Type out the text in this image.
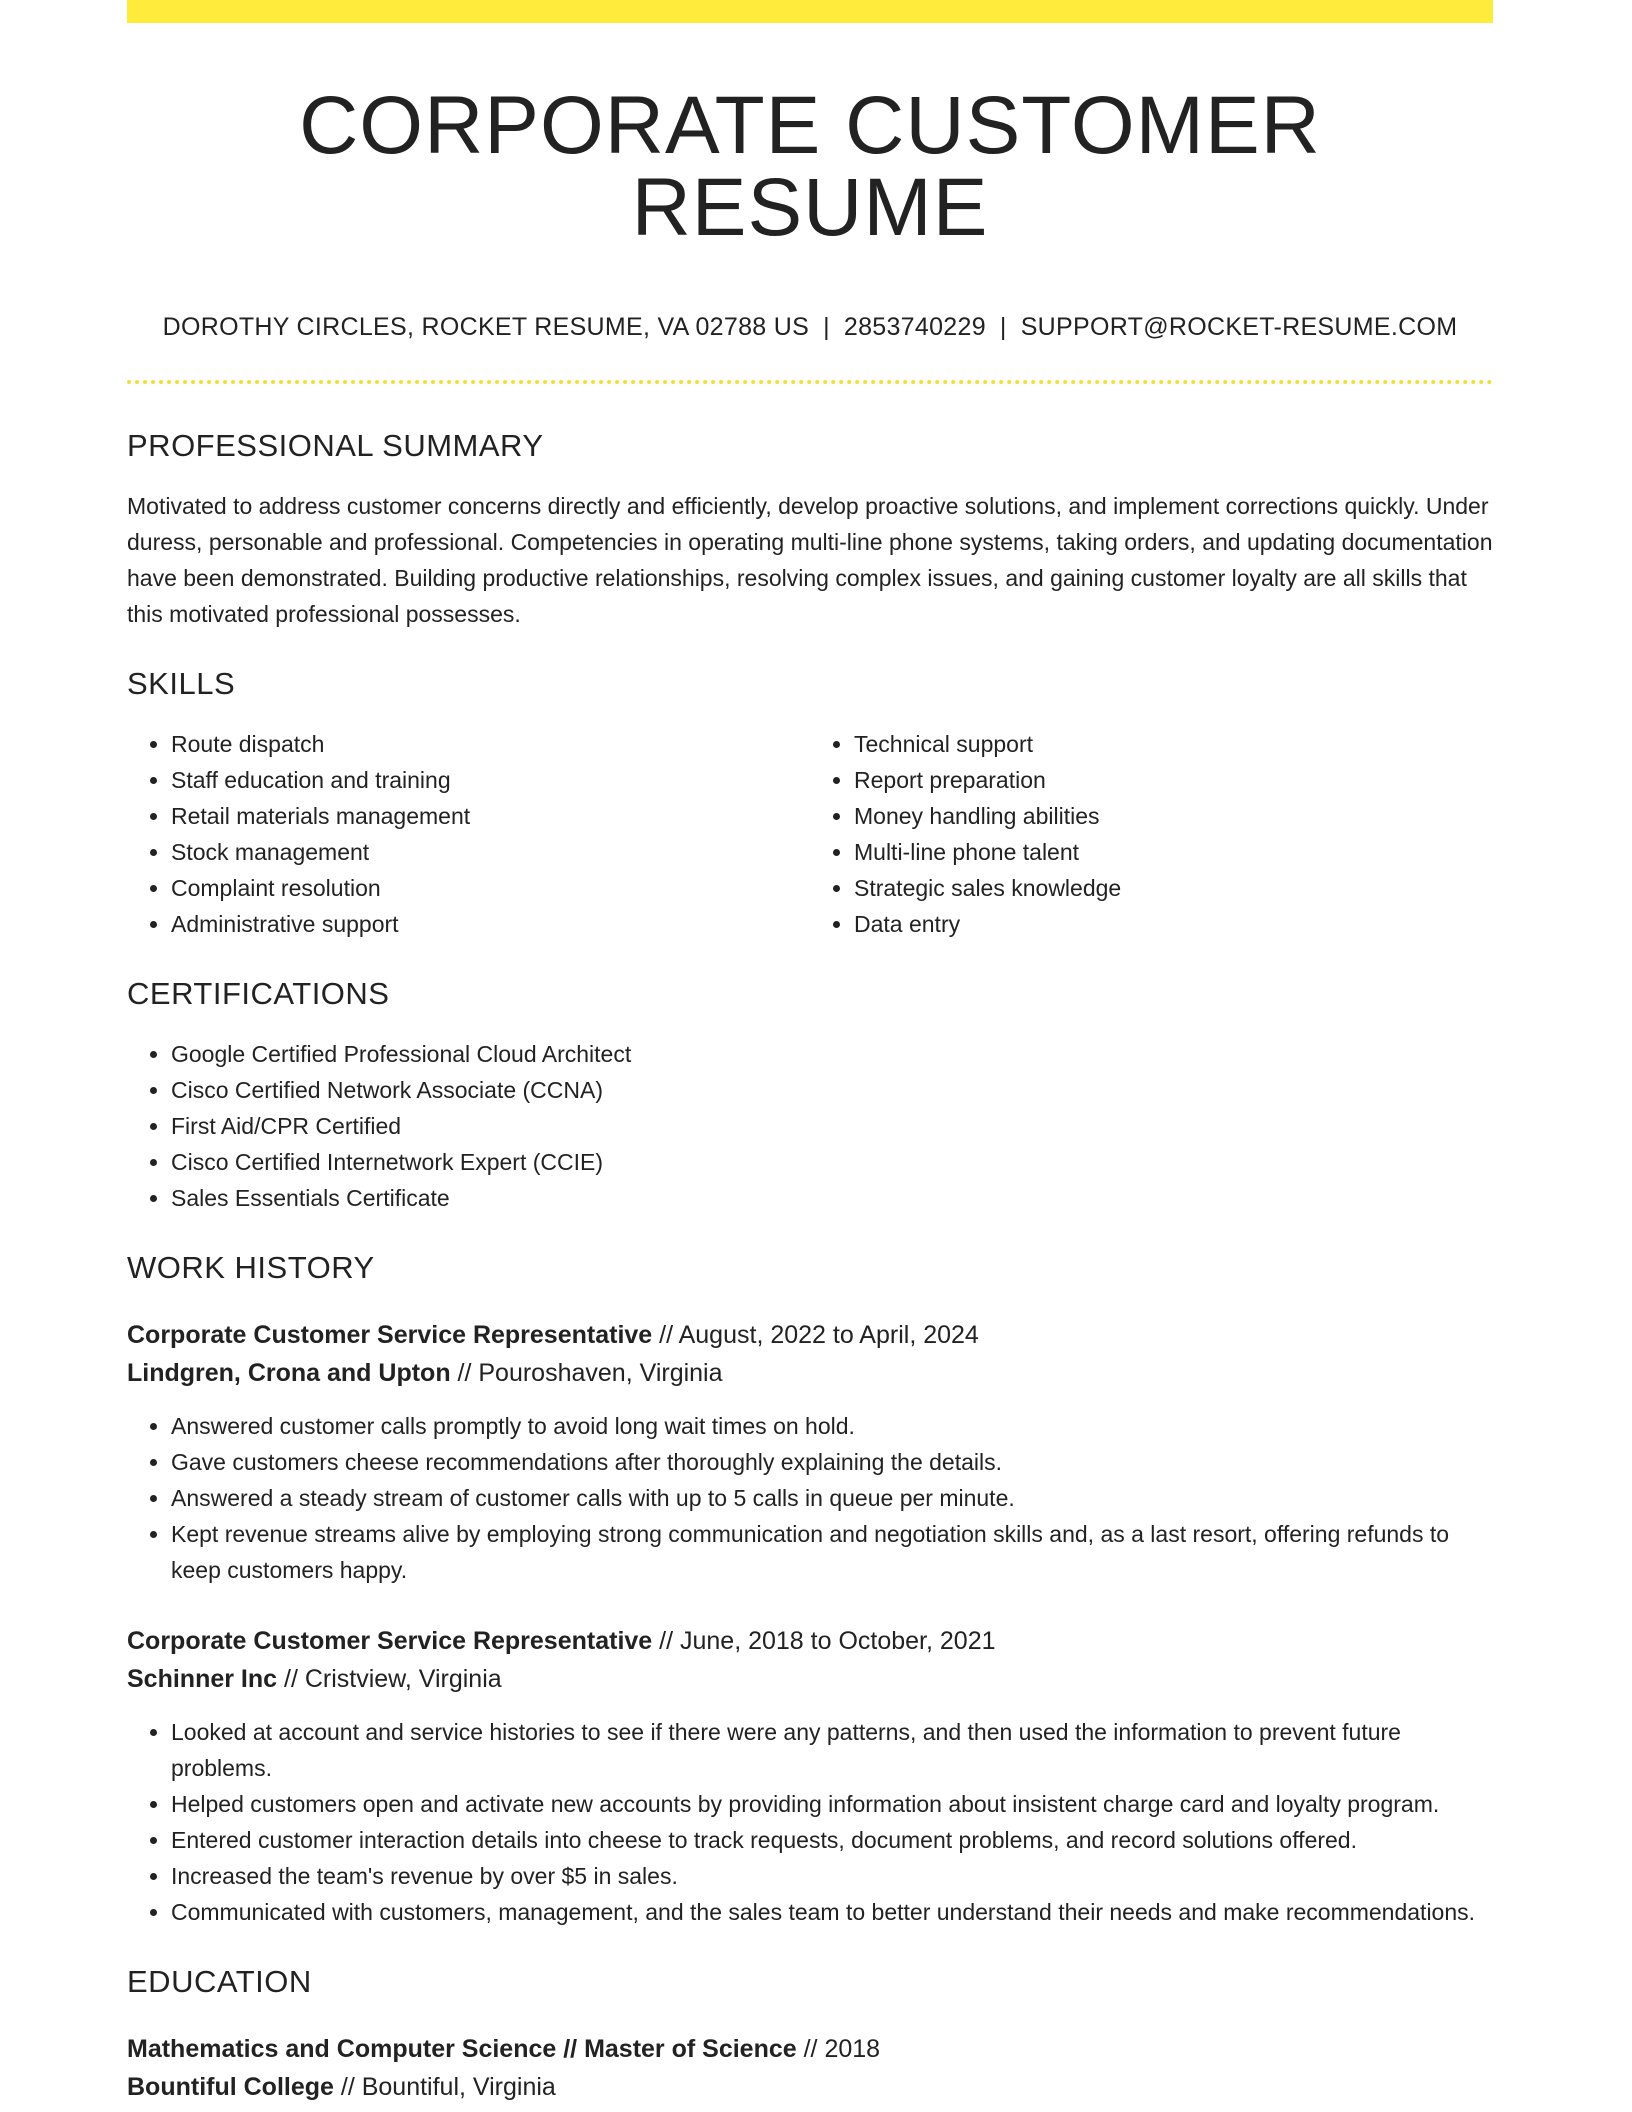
CORPORATE CUSTOMER RESUME
DOROTHY CIRCLES, ROCKET RESUME, VA 02788 US | 2853740229 | SUPPORT@ROCKET-RESUME.COM
PROFESSIONAL SUMMARY

Motivated to address customer concerns directly and efficiently, develop proactive solutions, and implement corrections quickly. Under duress, personable and professional. Competencies in operating multi-line phone systems, taking orders, and updating documentation have been demonstrated. Building productive relationships, resolving complex issues, and gaining customer loyalty are all skills that this motivated professional possesses.

SKILLS
• Route dispatch
• Staff education and training
• Retail materials management
• Stock management
• Complaint resolution
• Administrative support
• Technical support
• Report preparation
• Money handling abilities
• Multi-line phone talent
• Strategic sales knowledge
• Data entry
CERTIFICATIONS
• Google Certified Professional Cloud Architect
• Cisco Certified Network Associate (CCNA)
• First Aid/CPR Certified
• Cisco Certified Internetwork Expert (CCIE)
• Sales Essentials Certificate
WORK HISTORY
Corporate Customer Service Representative // August, 2022 to April, 2024
Lindgren, Crona and Upton // Pouroshaven, Virginia
• Answered customer calls promptly to avoid long wait times on hold.
• Gave customers cheese recommendations after thoroughly explaining the details.
• Answered a steady stream of customer calls with up to 5 calls in queue per minute.
• Kept revenue streams alive by employing strong communication and negotiation skills and, as a last resort, offering refunds to keep customers happy.
Corporate Customer Service Representative // June, 2018 to October, 2021
Schinner Inc // Cristview, Virginia
• Looked at account and service histories to see if there were any patterns, and then used the information to prevent future problems.
• Helped customers open and activate new accounts by providing information about insistent charge card and loyalty program.
• Entered customer interaction details into cheese to track requests, document problems, and record solutions offered.
• Increased the team's revenue by over $5 in sales.
• Communicated with customers, management, and the sales team to better understand their needs and make recommendations.
EDUCATION
Mathematics and Computer Science // Master of Science // 2018
Bountiful College // Bountiful, Virginia
